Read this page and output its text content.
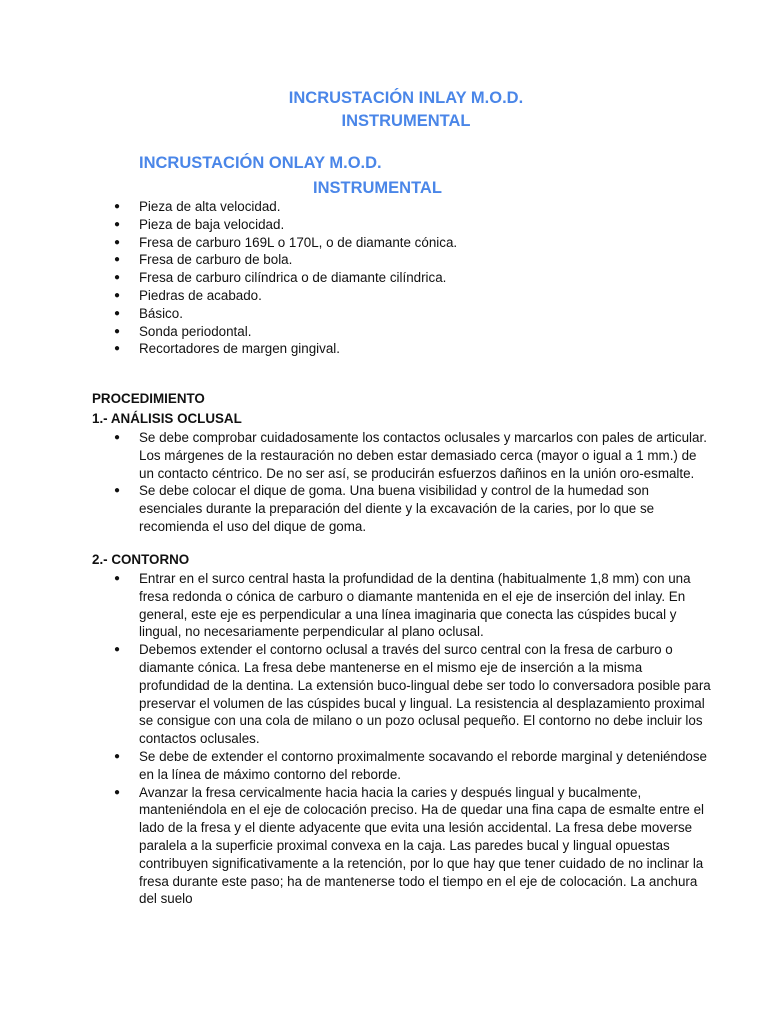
INCRUSTACIÓN INLAY M.O.D.
INSTRUMENTAL
INCRUSTACIÓN ONLAY M.O.D.
INSTRUMENTAL
● Pieza de alta velocidad.
● Pieza de baja velocidad.
● Fresa de carburo 169L o 170L, o de diamante cónica.
● Fresa de carburo de bola.
● Fresa de carburo cilíndrica o de diamante cilíndrica.
● Piedras de acabado.
● Básico.
● Sonda periodontal.
● Recortadores de margen gingival.

PROCEDIMIENTO

1.- ANÁLISIS OCLUSAL

● Se debe comprobar cuidadosamente los contactos oclusales y marcarlos con pales de articular. Los márgenes de la restauración no deben estar demasiado cerca (mayor o igual a 1 mm.) de un contacto céntrico. De no ser así, se producirán esfuerzos dañinos en la unión oro-esmalte.
● Se debe colocar el dique de goma. Una buena visibilidad y control de la humedad son esenciales durante la preparación del diente y la excavación de la caries, por lo que se recomienda el uso del dique de goma.

2.- CONTORNO

● Entrar en el surco central hasta la profundidad de la dentina (habitualmente 1,8 mm) con una fresa redonda o cónica de carburo o diamante mantenida en el eje de inserción del inlay. En general, este eje es perpendicular a una línea imaginaria que conecta las cúspides bucal y lingual, no necesariamente perpendicular al plano oclusal.
● Debemos extender el contorno oclusal a través del surco central con la fresa de carburo o diamante cónica. La fresa debe mantenerse en el mismo eje de inserción a la misma profundidad de la dentina. La extensión buco-lingual debe ser todo lo conversadora posible para preservar el volumen de las cúspides bucal y lingual. La resistencia al desplazamiento proximal se consigue con una cola de milano o un pozo oclusal pequeño. El contorno no debe incluir los contactos oclusales.
● Se debe de extender el contorno proximalmente socavando el reborde marginal y deteniéndose en la línea de máximo contorno del reborde.
● Avanzar la fresa cervicalmente hacia hacia la caries y después lingual y bucalmente, manteniéndola en el eje de colocación preciso. Ha de quedar una fina capa de esmalte entre el lado de la fresa y el diente adyacente que evita una lesión accidental. La fresa debe moverse paralela a la superficie proximal convexa en la caja. Las paredes bucal y lingual opuestas contribuyen significativamente a la retención, por lo que hay que tener cuidado de no inclinar la fresa durante este paso; ha de mantenerse todo el tiempo en el eje de colocación. La anchura del suelo
